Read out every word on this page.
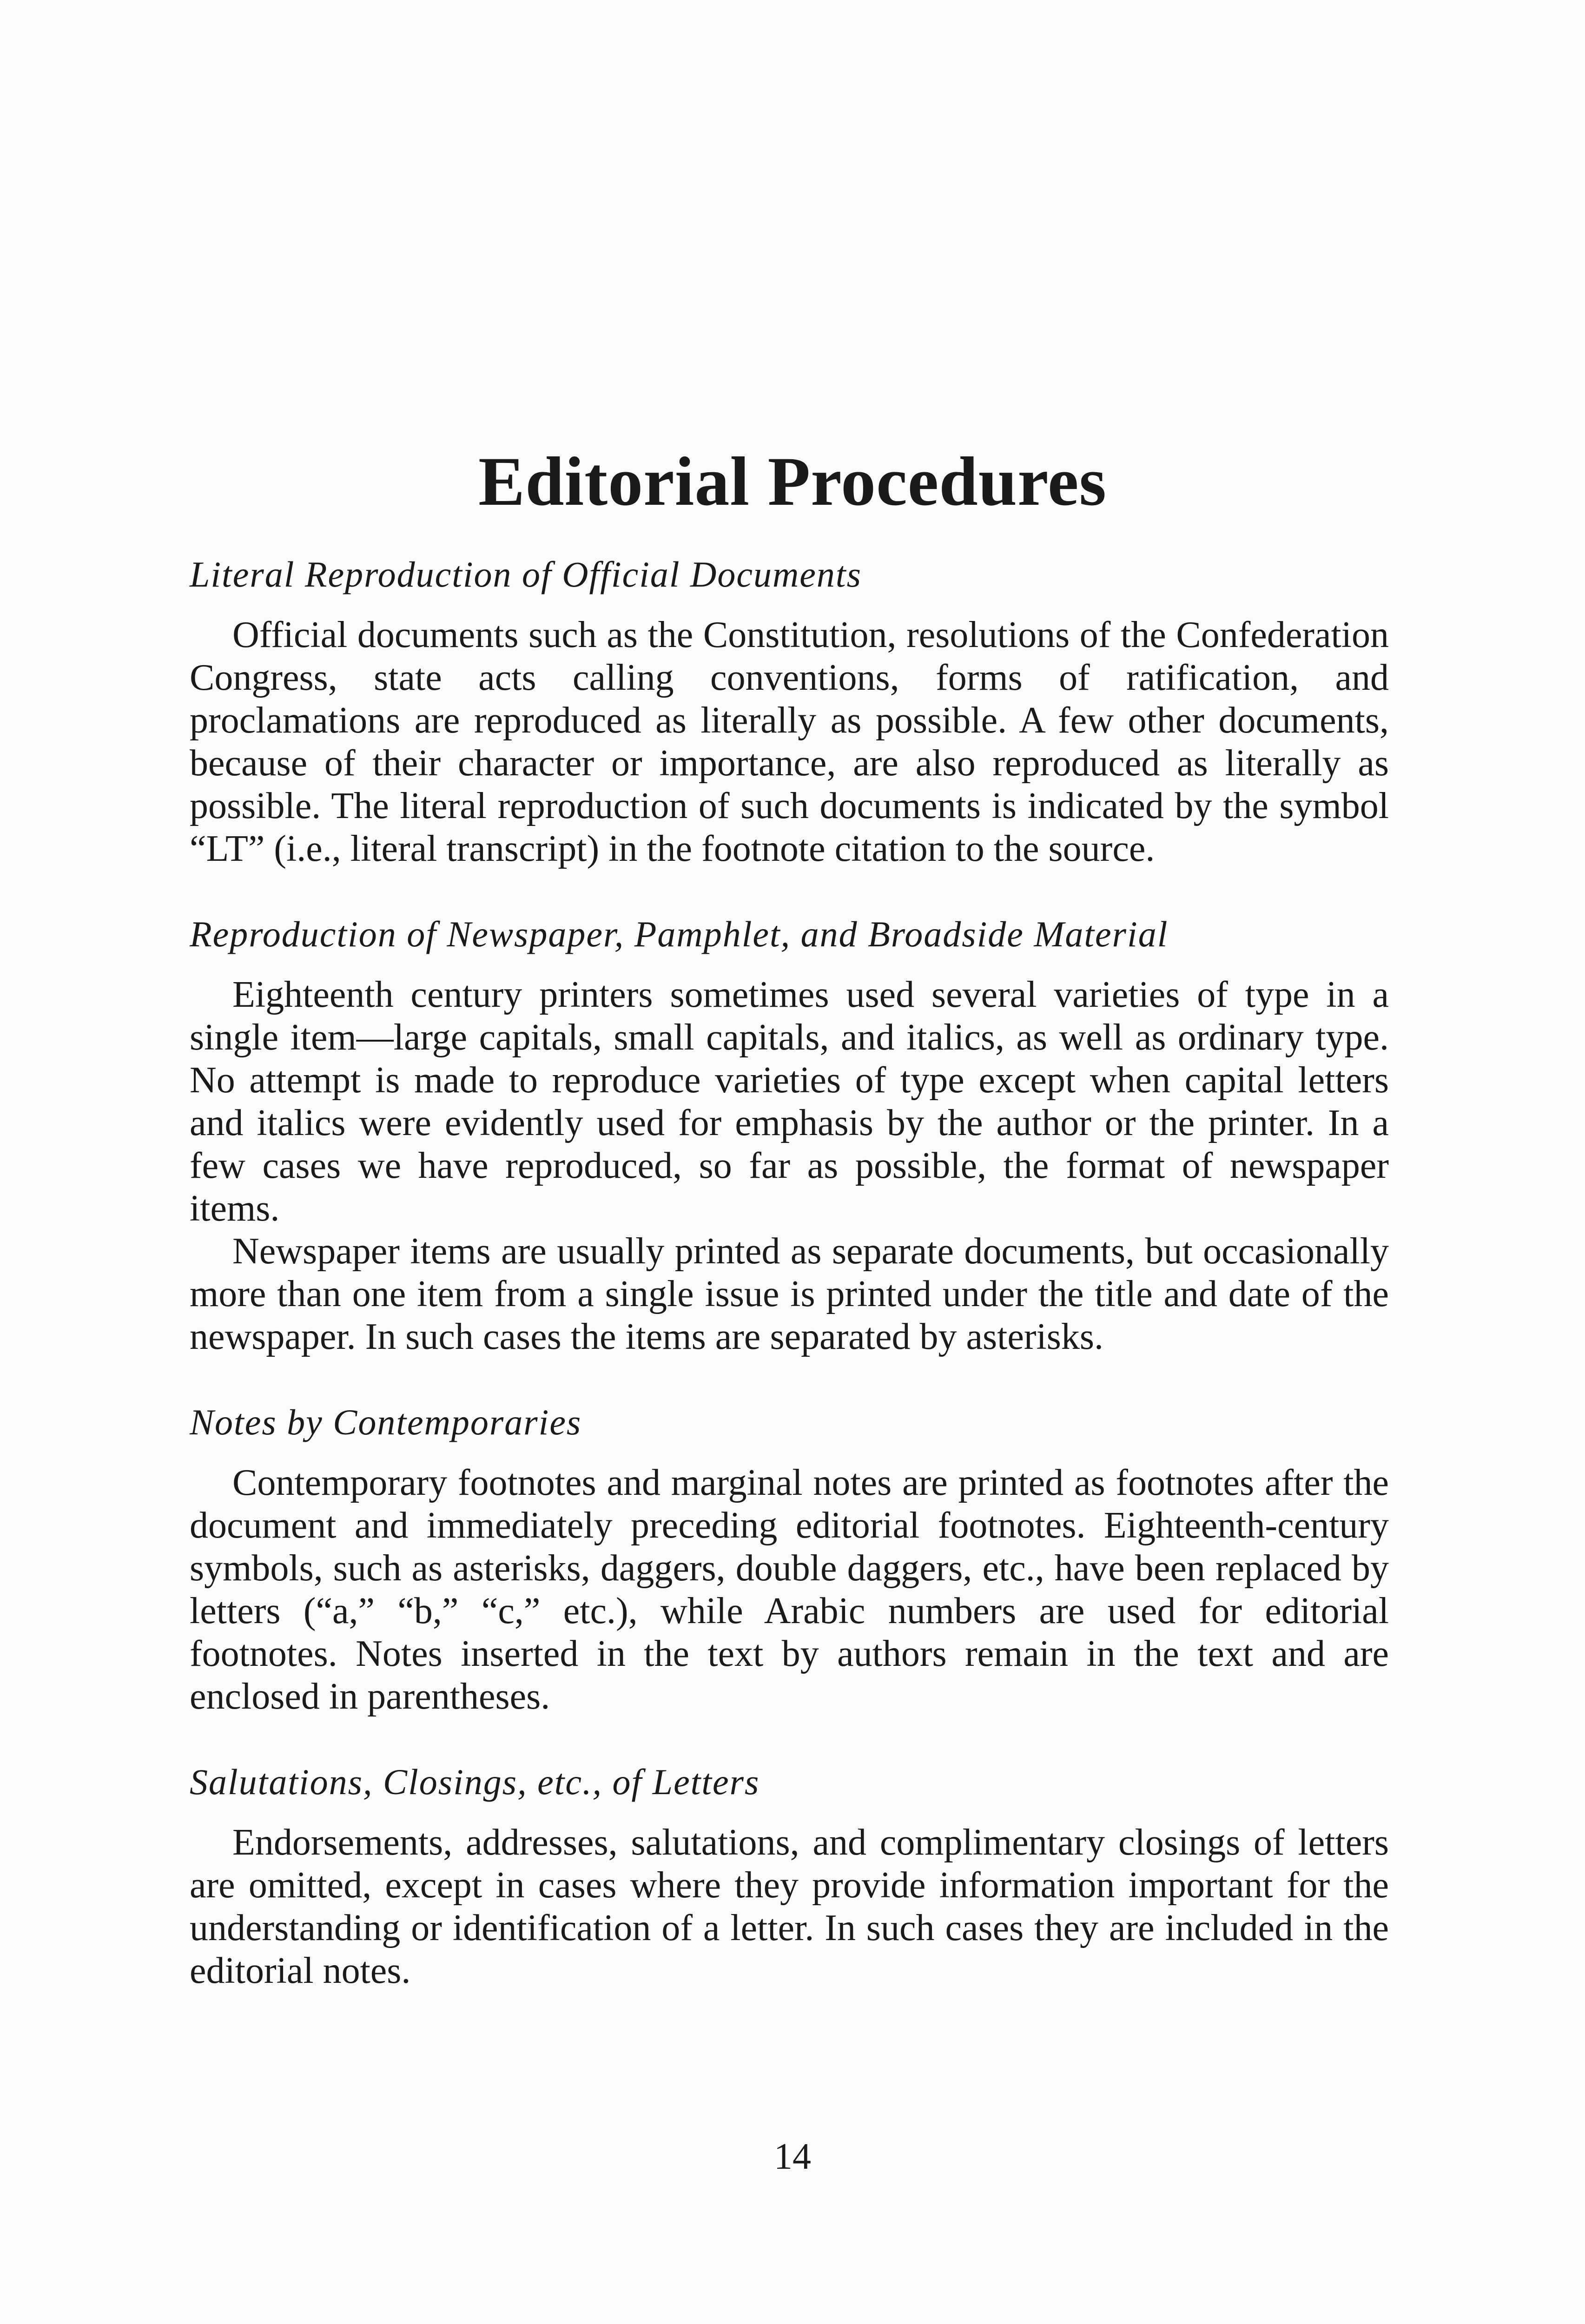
Editorial Procedures
Literal Reproduction of Official Documents

Official documents such as the Constitution, resolutions of the Confederation Congress, state acts calling conventions, forms of ratification, and proclamations are reproduced as literally as possible. A few other documents, because of their character or importance, are also reproduced as literally as possible. The literal reproduction of such documents is indicated by the symbol “LT” (i.e., literal transcript) in the footnote citation to the source.

Reproduction of Newspaper, Pamphlet, and Broadside Material

Eighteenth century printers sometimes used several varieties of type in a single item—large capitals, small capitals, and italics, as well as ordinary type. No attempt is made to reproduce varieties of type except when capital letters and italics were evidently used for emphasis by the author or the printer. In a few cases we have reproduced, so far as possible, the format of newspaper items.

Newspaper items are usually printed as separate documents, but occasionally more than one item from a single issue is printed under the title and date of the newspaper. In such cases the items are separated by asterisks.

Notes by Contemporaries

Contemporary footnotes and marginal notes are printed as footnotes after the document and immediately preceding editorial footnotes. Eighteenth-century symbols, such as asterisks, daggers, double daggers, etc., have been replaced by letters (“a,” “b,” “c,” etc.), while Arabic numbers are used for editorial footnotes. Notes inserted in the text by authors remain in the text and are enclosed in parentheses.

Salutations, Closings, etc., of Letters

Endorsements, addresses, salutations, and complimentary closings of letters are omitted, except in cases where they provide information important for the understanding or identification of a letter. In such cases they are included in the editorial notes.

14
